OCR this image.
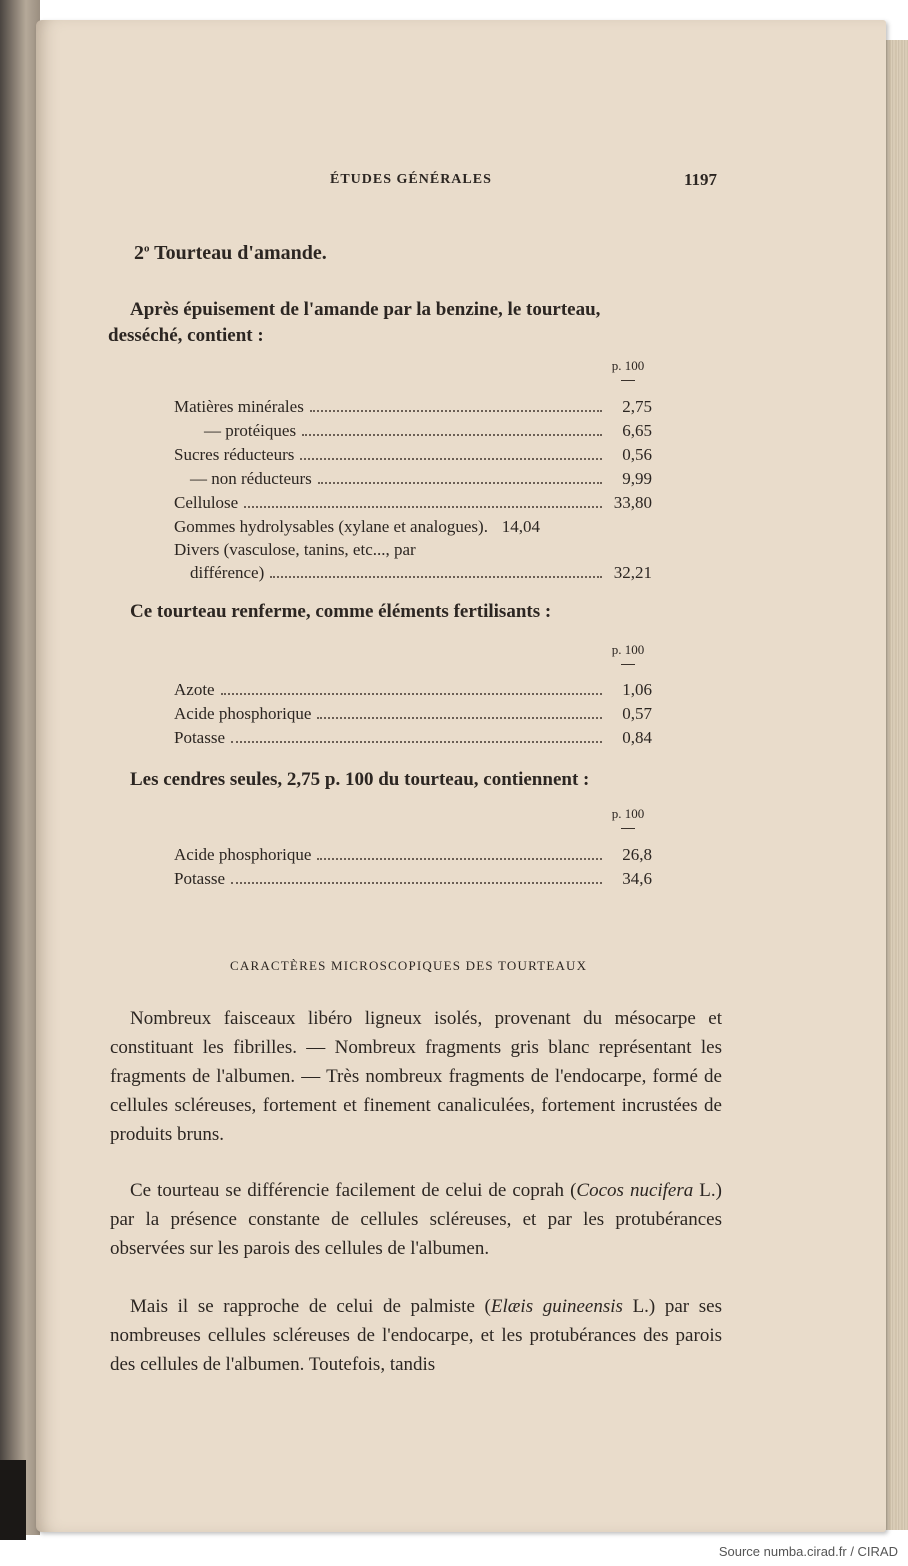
ÉTUDES GÉNÉRALES	1197
2$^o$ Tourteau d'amande.
Après épuisement de l'amande par la benzine, le tourteau,
desséché, contient :
p. 100
Matières minérales	2,75
— protéiques	6,65
Sucres réducteurs	0,56
— non réducteurs	9,99
Cellulose	33,80
Gommes hydrolysables (xylane et analogues). 14,04
Divers (vasculose, tanins, etc..., par
différence)	32,21
Ce tourteau renferme, comme éléments fertilisants :
p. 100
Azote	1,06
Acide phosphorique	0,57
Potasse	0,84
Les cendres seules, 2,75 p. 100 du tourteau, contiennent :
p. 100
Acide phosphorique	26,8
Potasse	34,6
CARACTÈRES MICROSCOPIQUES DES TOURTEAUX

Nombreux faisceaux libéro ligneux isolés, provenant du mésocarpe et constituant les fibrilles. — Nombreux fragments gris blanc représentant les fragments de l'albumen. — Très nombreux fragments de l'endocarpe, formé de cellules scléreuses, fortement et finement canaliculées, fortement incrustées de produits bruns.

Ce tourteau se différencie facilement de celui de coprah (Cocos nucifera L.) par la présence constante de cellules scléreuses, et par les protubérances observées sur les parois des cellules de l'albumen.

Mais il se rapproche de celui de palmiste (Elæis guineensis L.) par ses nombreuses cellules scléreuses de l'endocarpe, et les protubérances des parois des cellules de l'albumen. Toutefois, tandis

Source numba.cirad.fr / CIRAD
